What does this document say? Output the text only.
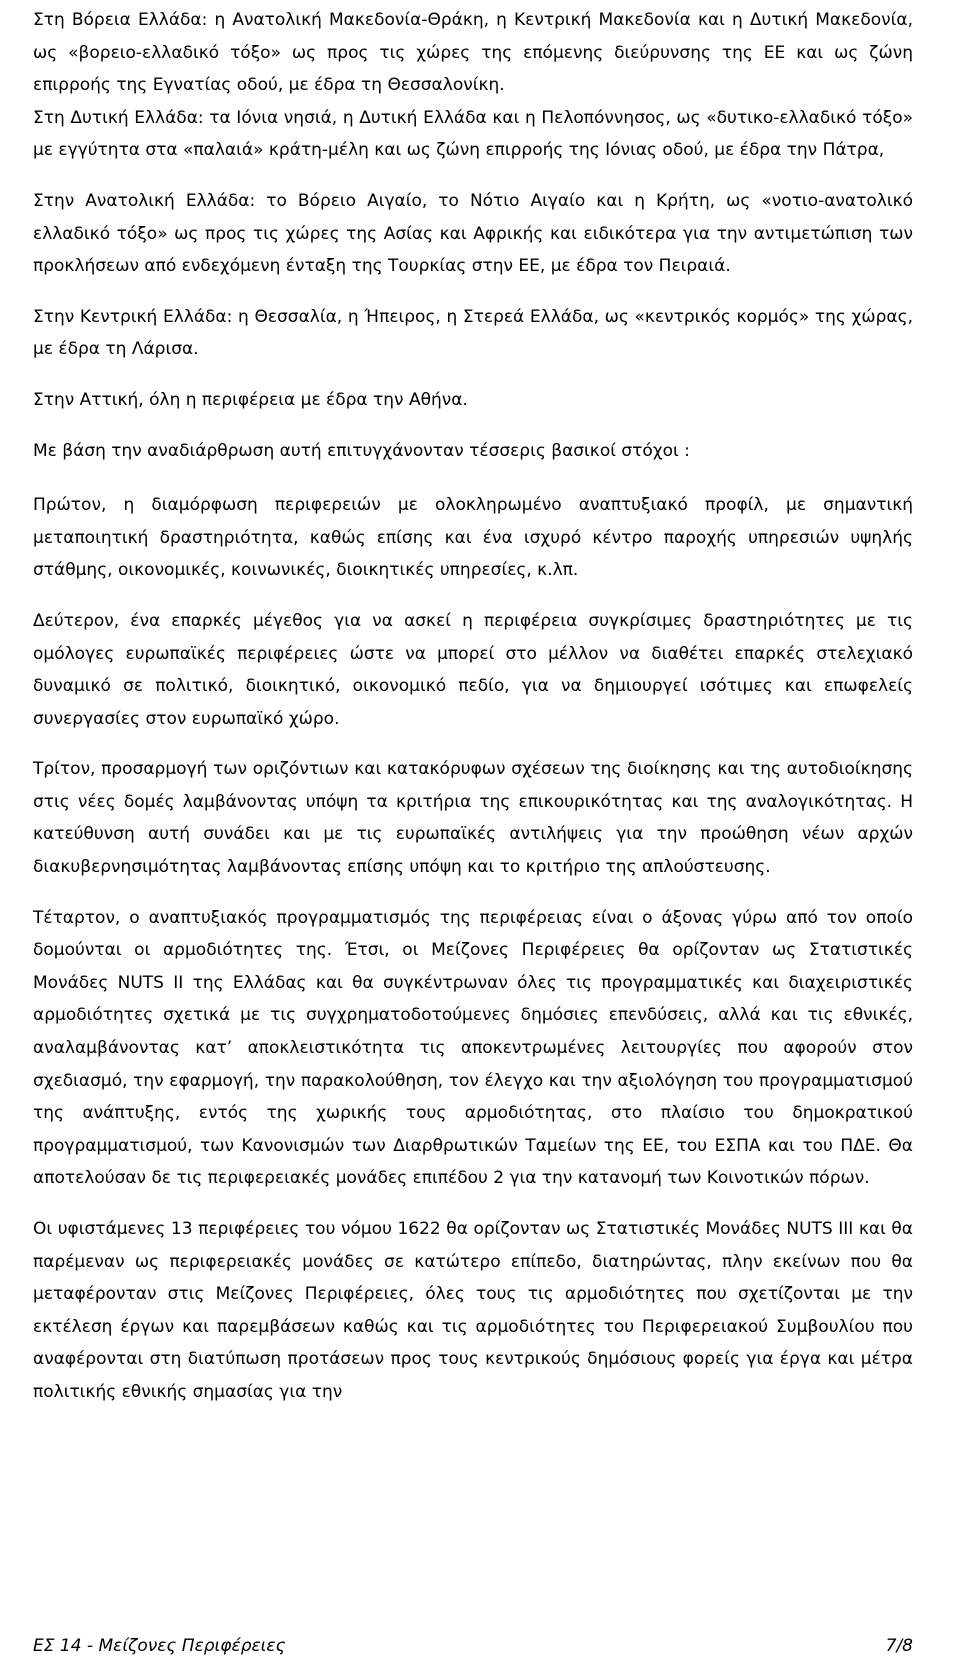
Στη Βόρεια Ελλάδα: η Ανατολική Μακεδονία-Θράκη, η Κεντρική Μακεδονία και η Δυτική Μακεδονία, ως «βορειο-ελλαδικό τόξο» ως προς τις χώρες της επόμενης διεύρυνσης της ΕΕ και ως ζώνη επιρροής της Εγνατίας οδού, με έδρα τη Θεσσαλονίκη.

Στη Δυτική Ελλάδα: τα Ιόνια νησιά, η Δυτική Ελλάδα και η Πελοπόννησος, ως «δυτικο-ελλαδικό τόξο» με εγγύτητα στα «παλαιά» κράτη-μέλη και ως ζώνη επιρροής της Ιόνιας οδού, με έδρα την Πάτρα,

Στην Ανατολική Ελλάδα: το Βόρειο Αιγαίο, το Νότιο Αιγαίο και η Κρήτη, ως «νοτιο-ανατολικό ελλαδικό τόξο» ως προς τις χώρες της Ασίας και Αφρικής και ειδικότερα για την αντιμετώπιση των προκλήσεων από ενδεχόμενη ένταξη της Τουρκίας στην ΕΕ, με έδρα τον Πειραιά.

Στην Κεντρική Ελλάδα: η Θεσσαλία, η Ήπειρος, η Στερεά Ελλάδα, ως «κεντρικός κορμός» της χώρας, με έδρα τη Λάρισα.

Στην Αττική, όλη η περιφέρεια με έδρα την Αθήνα.

Με βάση την αναδιάρθρωση αυτή επιτυγχάνονταν τέσσερις βασικοί στόχοι :

Πρώτον, η διαμόρφωση περιφερειών με ολοκληρωμένο αναπτυξιακό προφίλ, με σημαντική μεταποιητική δραστηριότητα, καθώς επίσης και ένα ισχυρό κέντρο παροχής υπηρεσιών υψηλής στάθμης, οικονομικές, κοινωνικές, διοικητικές υπηρεσίες, κ.λπ.

Δεύτερον, ένα επαρκές μέγεθος για να ασκεί η περιφέρεια συγκρίσιμες δραστηριότητες με τις ομόλογες ευρωπαϊκές περιφέρειες ώστε να μπορεί στο μέλλον να διαθέτει επαρκές στελεχιακό δυναμικό σε πολιτικό, διοικητικό, οικονομικό πεδίο, για να δημιουργεί ισότιμες και επωφελείς συνεργασίες στον ευρωπαϊκό χώρο.

Τρίτον, προσαρμογή των οριζόντιων και κατακόρυφων σχέσεων της διοίκησης και της αυτοδιοίκησης στις νέες δομές λαμβάνοντας υπόψη τα κριτήρια της επικουρικότητας και της αναλογικότητας. Η κατεύθυνση αυτή συνάδει και με τις ευρωπαϊκές αντιλήψεις για την προώθηση νέων αρχών διακυβερνησιμότητας λαμβάνοντας επίσης υπόψη και το κριτήριο της απλούστευσης.

Τέταρτον, ο αναπτυξιακός προγραμματισμός της περιφέρειας είναι ο άξονας γύρω από τον οποίο δομούνται οι αρμοδιότητες της. Έτσι, οι Μείζονες Περιφέρειες θα ορίζονταν ως Στατιστικές Μονάδες NUTS II της Ελλάδας και θα συγκέντρωναν όλες τις προγραμματικές και διαχειριστικές αρμοδιότητες σχετικά με τις συγχρηματοδοτούμενες δημόσιες επενδύσεις, αλλά και τις εθνικές, αναλαμβάνοντας κατ’ αποκλειστικότητα τις αποκεντρωμένες λειτουργίες που αφορούν στον σχεδιασμό, την εφαρμογή, την παρακολούθηση, τον έλεγχο και την αξιολόγηση του προγραμματισμού της ανάπτυξης, εντός της χωρικής τους αρμοδιότητας, στο πλαίσιο του δημοκρατικού προγραμματισμού, των Κανονισμών των Διαρθρωτικών Ταμείων της ΕΕ, του ΕΣΠΑ και του ΠΔΕ. Θα αποτελούσαν δε τις περιφερειακές μονάδες επιπέδου 2 για την κατανομή των Κοινοτικών πόρων.

Οι υφιστάμενες 13 περιφέρειες του νόμου 1622 θα ορίζονταν ως Στατιστικές Μονάδες NUTS III και θα παρέμεναν ως περιφερειακές μονάδες σε κατώτερο επίπεδο, διατηρώντας, πλην εκείνων που θα μεταφέρονταν στις Μείζονες Περιφέρειες, όλες τους τις αρμοδιότητες που σχετίζονται με την εκτέλεση έργων και παρεμβάσεων καθώς και τις αρμοδιότητες του Περιφερειακού Συμβουλίου που αναφέρονται στη διατύπωση προτάσεων προς τους κεντρικούς δημόσιους φορείς για έργα και μέτρα πολιτικής εθνικής σημασίας για την

ΕΣ 14 - Μείζονες Περιφέρειες	7/8
